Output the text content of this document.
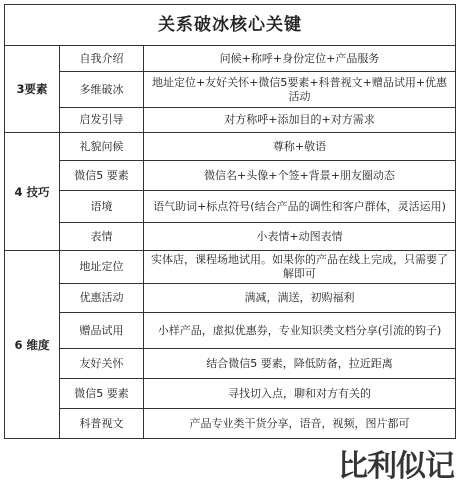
关系破冰核心关键		
3要素	自我介绍	问候+称呼+身份定位+产品服务
	多维破冰	地址定位+友好关怀+微信5要素+科普视文+赠品试用+优惠活动
	启发引导	对方称呼+添加目的+对方需求
4 技巧	礼貌问候	尊称+敬语
	微信5 要素	微信名+头像+个签+背景+朋友圈动态
	语境	语气助词+标点符号(结合产品的调性和客户群体，灵活运用)
	表情	小表情+动图表情
6 维度	地址定位	实体店，课程场地试用。如果你的产品在线上完成，只需要了解即可
	优惠活动	满减，满送，初购福利
	赠品试用	小样产品，虚拟优惠券，专业知识类文档分享(引流的钩子)
	友好关怀	结合微信5 要素，降低防备，拉近距离
	微信5 要素	寻找切入点，聊和对方有关的
	科普视文	产品专业类干货分享，语音，视频，图片都可
比利似记
